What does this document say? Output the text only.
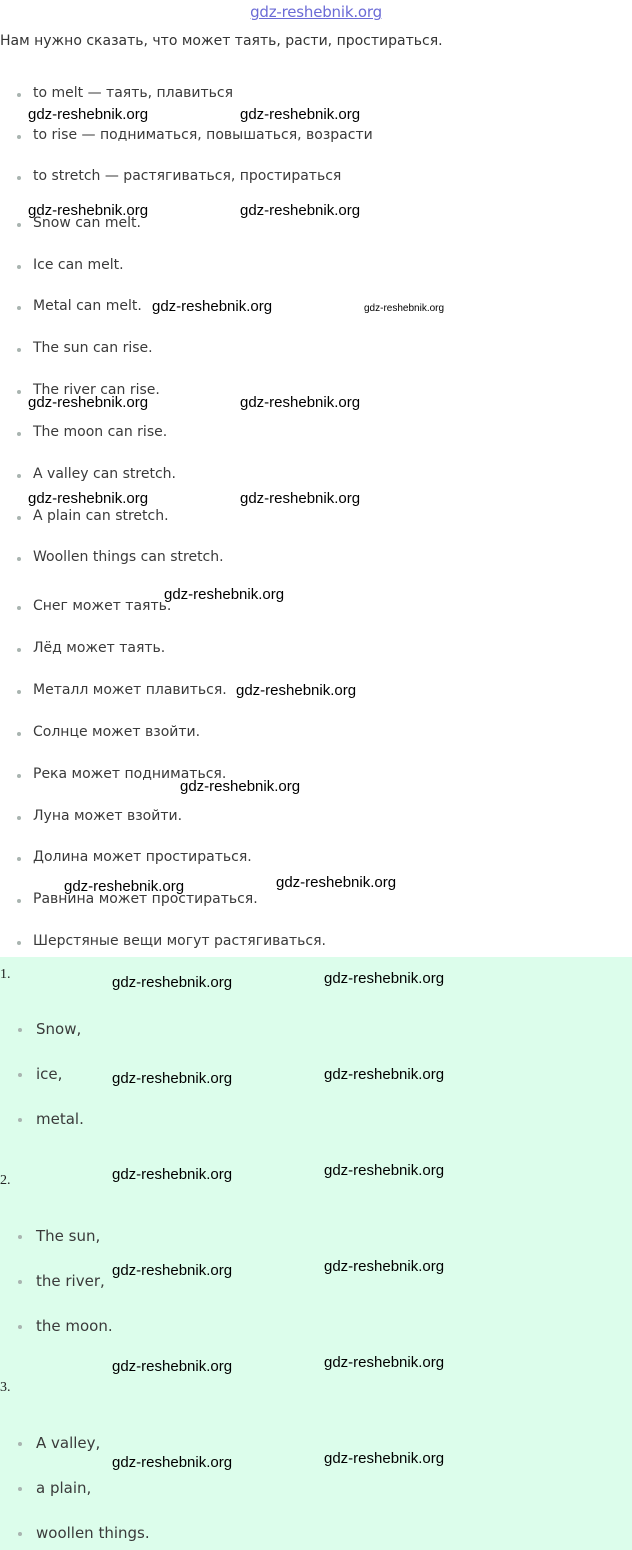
gdz-reshebnik.org
Нам нужно сказать, что может таять, расти, простираться.
to melt — таять, плавиться
to rise — подниматься, повышаться, возрасти
to stretch — растягиваться, простираться
Snow can melt.
Ice can melt.
Metal can melt.
The sun can rise.
The river can rise.
The moon can rise.
A valley can stretch.
A plain can stretch.
Woollen things can stretch.
Снег может таять.
Лёд может таять.
Металл может плавиться.
Солнце может взойти.
Река может подниматься.
Луна может взойти.
Долина может простираться.
Равнина может простираться.
Шерстяные вещи могут растягиваться.
1.
Snow,
ice,
metal.
2.
The sun,
the river,
the moon.
3.
A valley,
a plain,
woollen things.
gdz-reshebnik.org	gdz-reshebnik.org
gdz-reshebnik.org	gdz-reshebnik.org
gdz-reshebnik.org	gdz-reshebnik.org
gdz-reshebnik.org	gdz-reshebnik.org
gdz-reshebnik.org	gdz-reshebnik.org
gdz-reshebnik.org
gdz-reshebnik.org
gdz-reshebnik.org
gdz-reshebnik.org	gdz-reshebnik.org
gdz-reshebnik.org	gdz-reshebnik.org
gdz-reshebnik.org	gdz-reshebnik.org
gdz-reshebnik.org	gdz-reshebnik.org
gdz-reshebnik.org	gdz-reshebnik.org
gdz-reshebnik.org	gdz-reshebnik.org
gdz-reshebnik.org	gdz-reshebnik.org
